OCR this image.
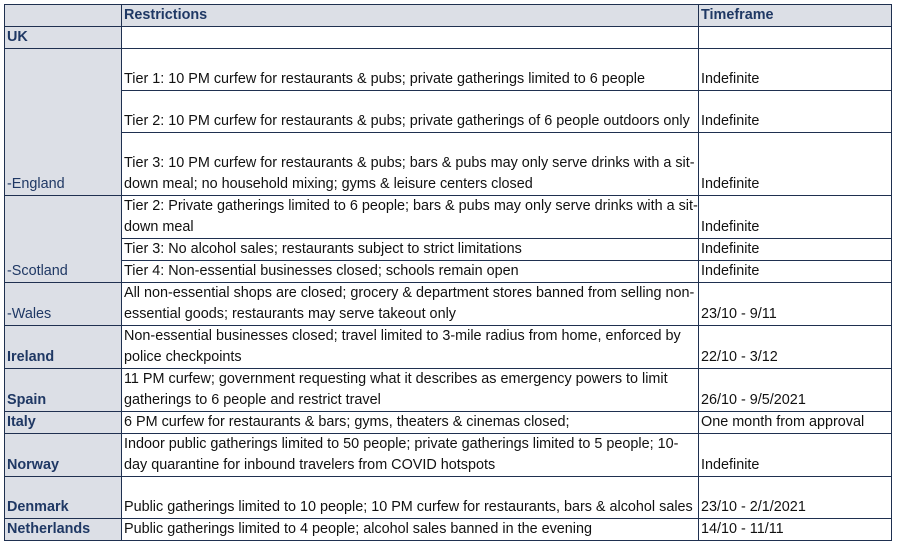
	Restrictions	Timeframe
UK		
-England	Tier 1: 10 PM curfew for restaurants & pubs; private gatherings limited to 6 people	Indefinite
	Tier 2: 10 PM curfew for restaurants & pubs; private gatherings of 6 people outdoors only	Indefinite
	Tier 3: 10 PM curfew for restaurants & pubs; bars & pubs may only serve drinks with a sit-down meal; no household mixing; gyms & leisure centers closed	Indefinite
-Scotland	Tier 2: Private gatherings limited to 6 people; bars & pubs may only serve drinks with a sit-down meal	Indefinite
	Tier 3: No alcohol sales; restaurants subject to strict limitations	Indefinite
	Tier 4: Non-essential businesses closed; schools remain open	Indefinite
-Wales	All non-essential shops are closed; grocery & department stores banned from selling non-essential goods; restaurants may serve takeout only	23/10 - 9/11
Ireland	Non-essential businesses closed; travel limited to 3-mile radius from home, enforced by police checkpoints	22/10 - 3/12
Spain	11 PM curfew; government requesting what it describes as emergency powers to limit gatherings to 6 people and restrict travel	26/10 - 9/5/2021
Italy	6 PM curfew for restaurants & bars; gyms, theaters & cinemas closed;	One month from approval
Norway	Indoor public gatherings limited to 50 people; private gatherings limited to 5 people; 10-day quarantine for inbound travelers from COVID hotspots	Indefinite
Denmark	Public gatherings limited to 10 people; 10 PM curfew for restaurants, bars & alcohol sales	23/10 - 2/1/2021
Netherlands	Public gatherings limited to 4 people; alcohol sales banned in the evening	14/10 - 11/11
